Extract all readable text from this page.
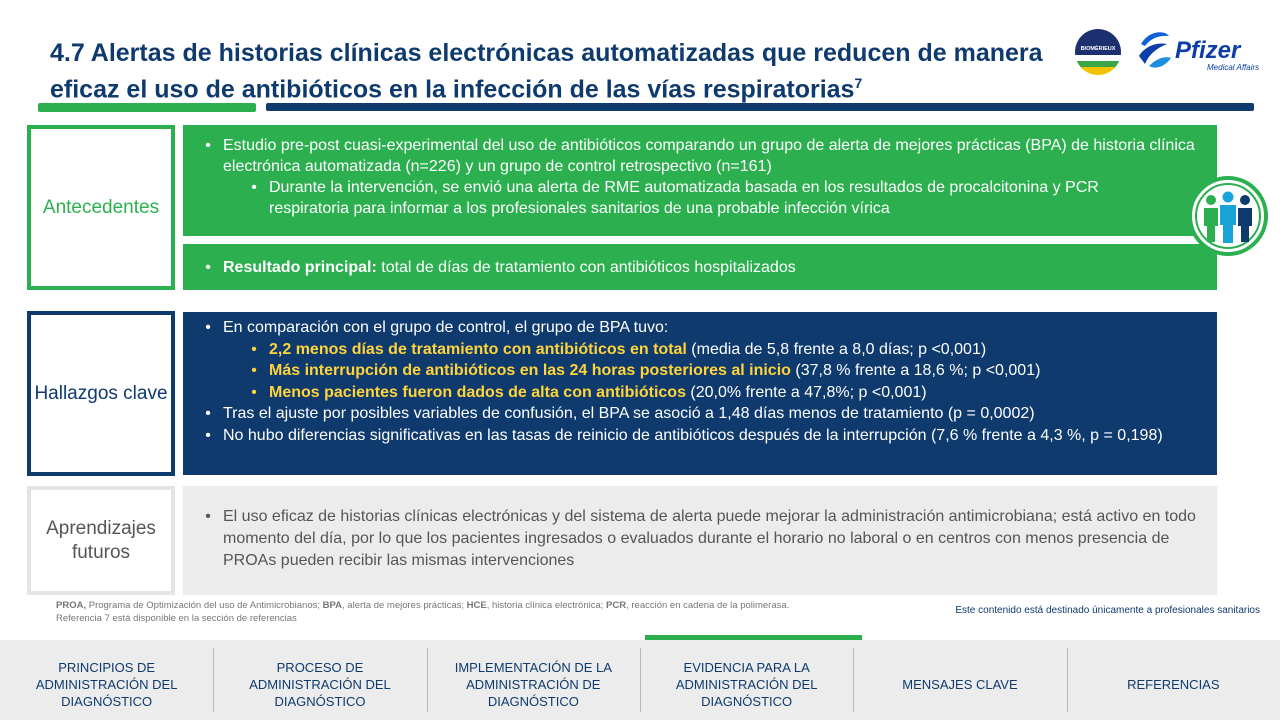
4.7 Alertas de historias clínicas electrónicas automatizadas que reducen de manera eficaz el uso de antibióticos en la infección de las vías respiratorias$^7$
BIOMÉRIEUX Pfizer
Medical Affairs
Antecedentes
• Estudio pre-post cuasi-experimental del uso de antibióticos comparando un grupo de alerta de mejores prácticas (BPA) de historia clínica electrónica automatizada (n=226) y un grupo de control retrospectivo (n=161)
• Durante la intervención, se envió una alerta de RME automatizada basada en los resultados de procalcitonina y PCR respiratoria para informar a los profesionales sanitarios de una probable infección vírica
• Resultado principal: total de días de tratamiento con antibióticos hospitalizados
Hallazgos clave
• En comparación con el grupo de control, el grupo de BPA tuvo:
• 2,2 menos días de tratamiento con antibióticos en total (media de 5,8 frente a 8,0 días; p <0,001)
• Más interrupción de antibióticos en las 24 horas posteriores al inicio (37,8 % frente a 18,6 %; p <0,001)
• Menos pacientes fueron dados de alta con antibióticos (20,0% frente a 47,8%; p <0,001)
• Tras el ajuste por posibles variables de confusión, el BPA se asoció a 1,48 días menos de tratamiento (p = 0,0002)
• No hubo diferencias significativas en las tasas de reinicio de antibióticos después de la interrupción (7,6 % frente a 4,3 %, p = 0,198)
Aprendizajes futuros
• El uso eficaz de historias clínicas electrónicas y del sistema de alerta puede mejorar la administración antimicrobiana; está activo en todo momento del día, por lo que los pacientes ingresados o evaluados durante el horario no laboral o en centros con menos presencia de PROAs pueden recibir las mismas intervenciones
PROA, Programa de Optimización del uso de Antimicrobianos; BPA, alerta de mejores prácticas; HCE, historia clínica electrónica; PCR, reacción en cadena de la polimerasa.
Referencia 7 está disponible en la sección de referencias
Este contenido está destinado únicamente a profesionales sanitarios
PRINCIPIOS DE ADMINISTRACIÓN DEL DIAGNÓSTICO
PROCESO DE ADMINISTRACIÓN DEL DIAGNÓSTICO
IMPLEMENTACIÓN DE LA ADMINISTRACIÓN DE DIAGNÓSTICO
EVIDENCIA PARA LA ADMINISTRACIÓN DEL DIAGNÓSTICO
MENSAJES CLAVE	REFERENCIAS
